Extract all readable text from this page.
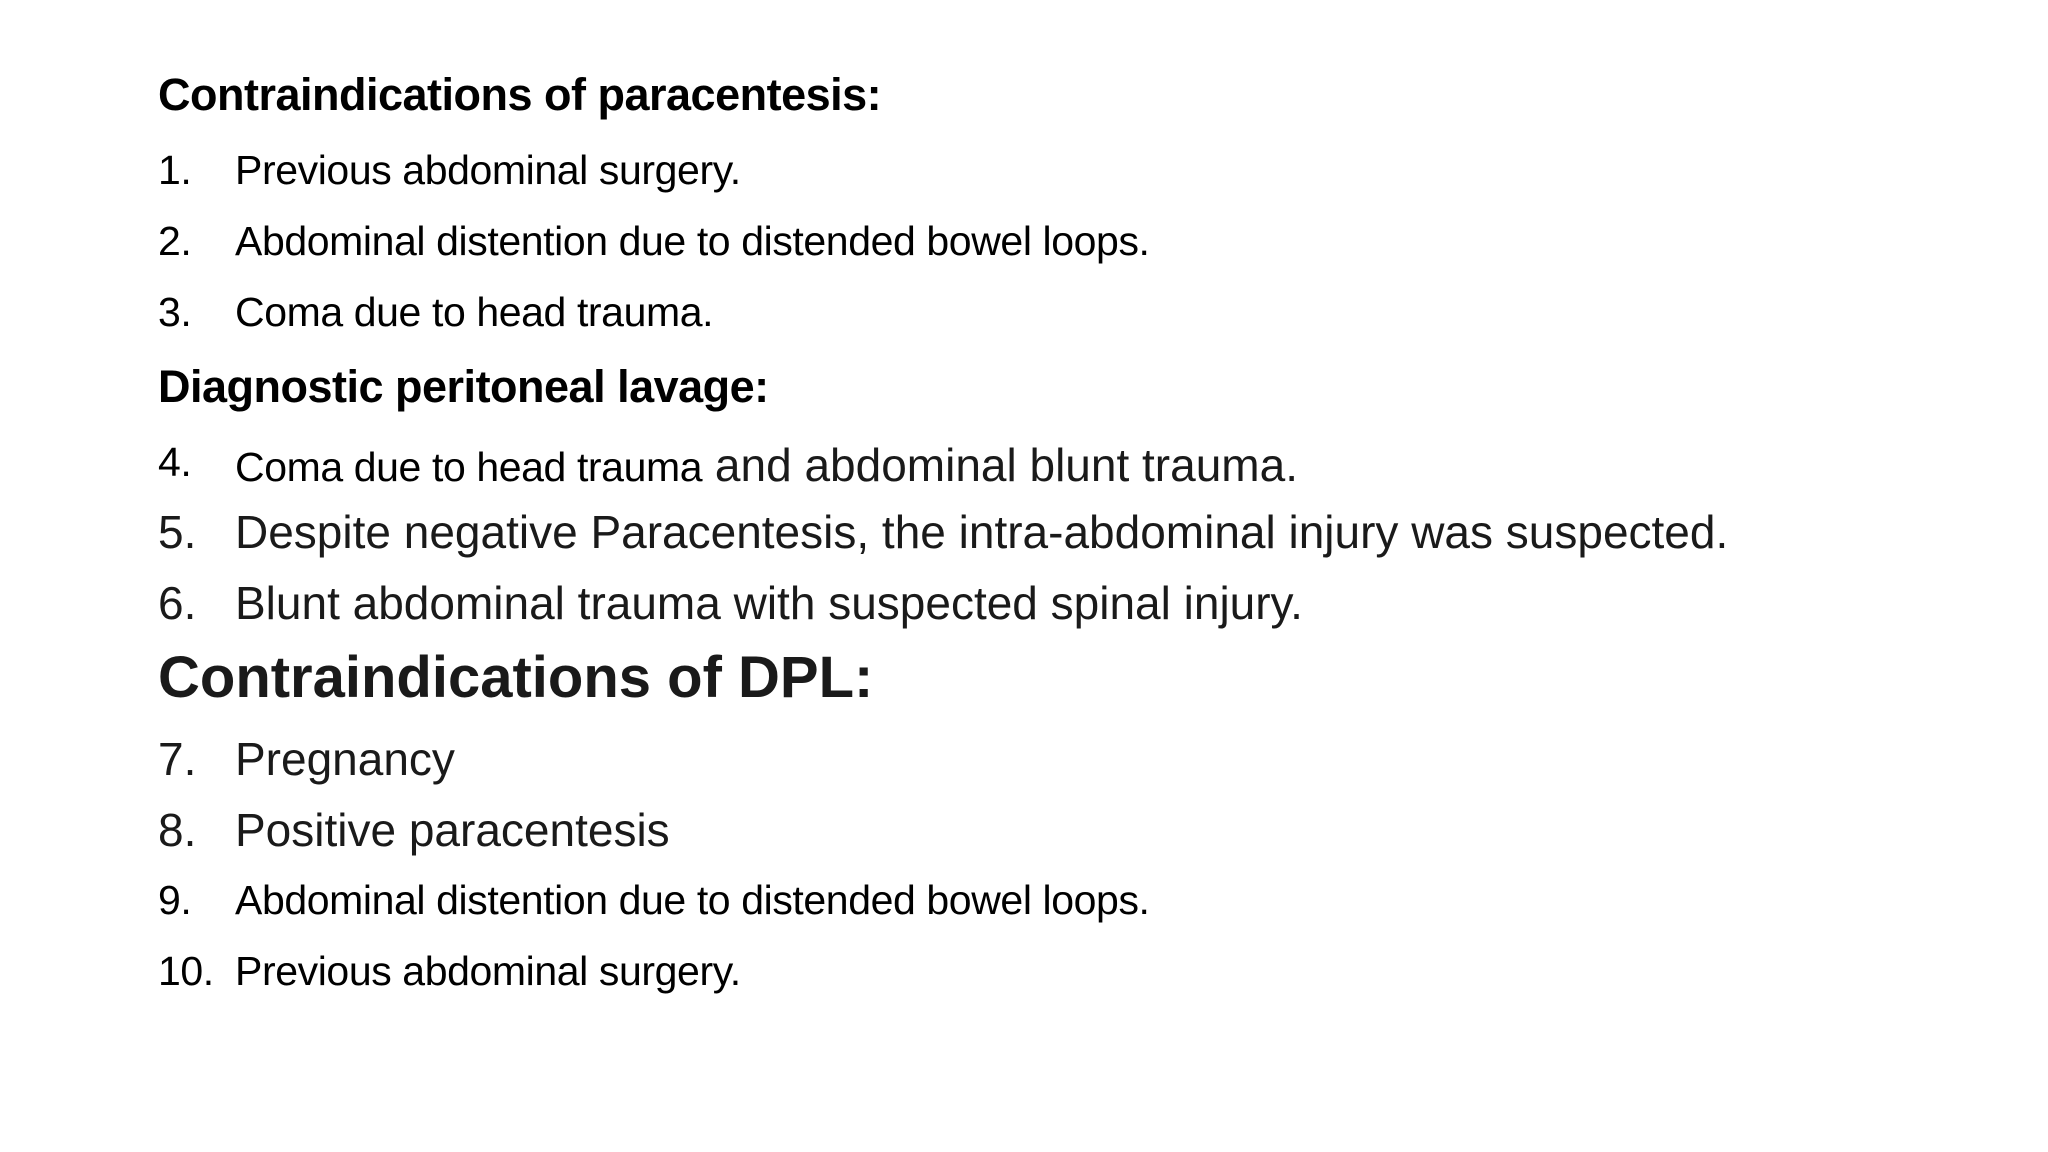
Contraindications of paracentesis:
1. Previous abdominal surgery.
2. Abdominal distention due to distended bowel loops.
3. Coma due to head trauma.
Diagnostic peritoneal lavage:
4. Coma due to head trauma and abdominal blunt trauma.
5. Despite negative Paracentesis, the intra-abdominal injury was suspected.
6. Blunt abdominal trauma with suspected spinal injury.
Contraindications of DPL:
7. Pregnancy
8. Positive paracentesis
9. Abdominal distention due to distended bowel loops.
10. Previous abdominal surgery.
